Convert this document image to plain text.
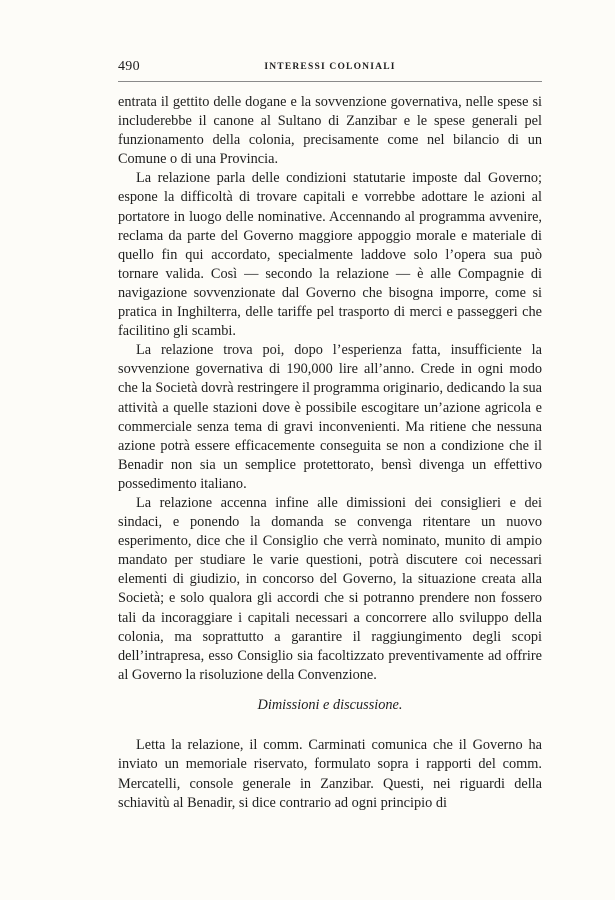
490	INTERESSI COLONIALI

entrata il gettito delle dogane e la sovvenzione governativa, nelle spese si includerebbe il canone al Sultano di Zanzibar e le spese generali pel funzionamento della colonia, precisamente come nel bilancio di un Comune o di una Provincia.

La relazione parla delle condizioni statutarie imposte dal Governo; espone la difficoltà di trovare capitali e vorrebbe adottare le azioni al portatore in luogo delle nominative. Accennando al programma avvenire, reclama da parte del Governo maggiore appoggio morale e materiale di quello fin qui accordato, specialmente laddove solo l’opera sua può tornare valida. Così — secondo la relazione — è alle Compagnie di navigazione sovvenzionate dal Governo che bisogna imporre, come si pratica in Inghilterra, delle tariffe pel trasporto di merci e passeggeri che facilitino gli scambi.

La relazione trova poi, dopo l’esperienza fatta, insufficiente la sovvenzione governativa di 190,000 lire all’anno. Crede in ogni modo che la Società dovrà restringere il programma originario, dedicando la sua attività a quelle stazioni dove è possibile escogitare un’azione agricola e commerciale senza tema di gravi inconvenienti. Ma ritiene che nessuna azione potrà essere efficacemente conseguita se non a condizione che il Benadir non sia un semplice protettorato, bensì divenga un effettivo possedimento italiano.

La relazione accenna infine alle dimissioni dei consiglieri e dei sindaci, e ponendo la domanda se convenga ritentare un nuovo esperimento, dice che il Consiglio che verrà nominato, munito di ampio mandato per studiare le varie questioni, potrà discutere coi necessari elementi di giudizio, in concorso del Governo, la situazione creata alla Società; e solo qualora gli accordi che si potranno prendere non fossero tali da incoraggiare i capitali necessari a concorrere allo sviluppo della colonia, ma soprattutto a garantire il raggiungimento degli scopi dell’intrapresa, esso Consiglio sia facoltizzato preventivamente ad offrire al Governo la risoluzione della Convenzione.

Dimissioni e discussione.

Letta la relazione, il comm. Carminati comunica che il Governo ha inviato un memoriale riservato, formulato sopra i rapporti del comm. Mercatelli, console generale in Zanzibar. Questi, nei riguardi della schiavitù al Benadir, si dice contrario ad ogni principio di
